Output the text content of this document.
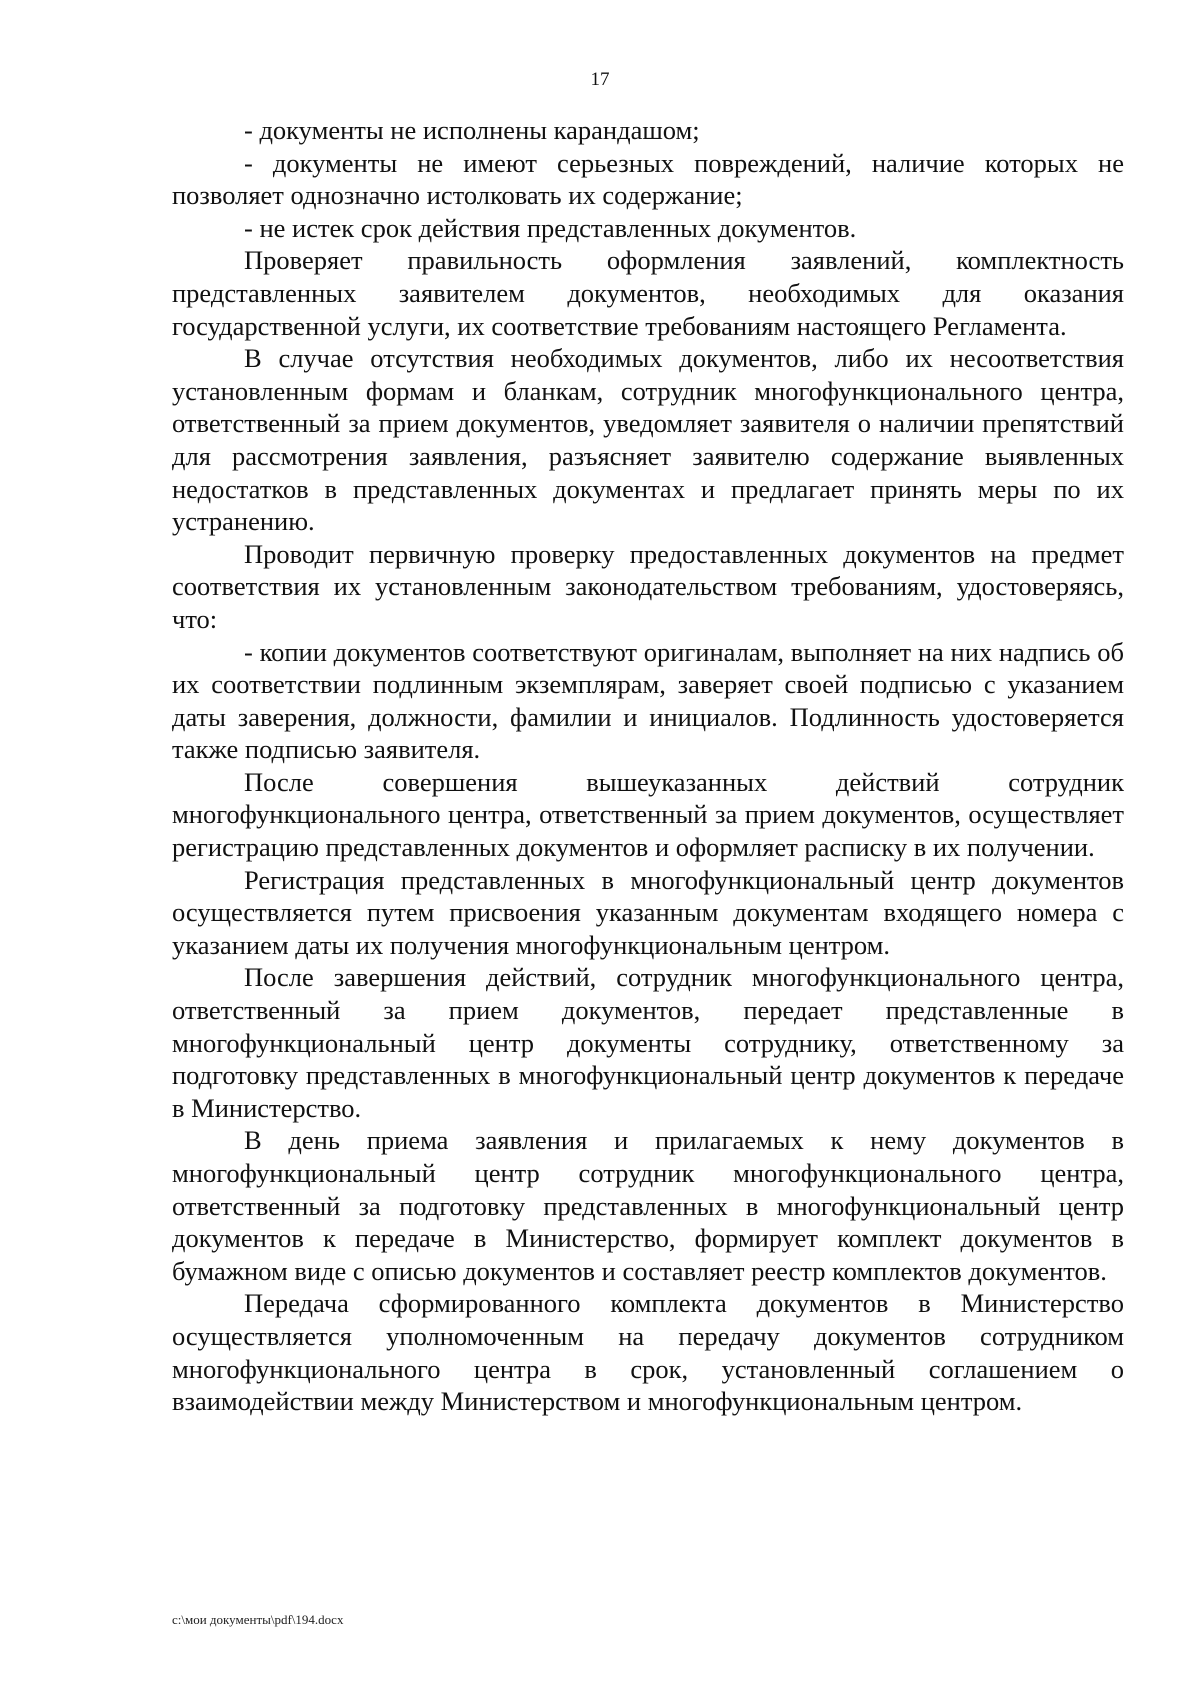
17

- документы не исполнены карандашом;

- документы не имеют серьезных повреждений, наличие которых не позволяет однозначно истолковать их содержание;

- не истек срок действия представленных документов.

Проверяет правильность оформления заявлений, комплектность представленных заявителем документов, необходимых для оказания государственной услуги, их соответствие требованиям настоящего Регламента.

В случае отсутствия необходимых документов, либо их несоответствия установленным формам и бланкам, сотрудник многофункционального центра, ответственный за прием документов, уведомляет заявителя о наличии препятствий для рассмотрения заявления, разъясняет заявителю содержание выявленных недостатков в представленных документах и предлагает принять меры по их устранению.

Проводит первичную проверку предоставленных документов на предмет соответствия их установленным законодательством требованиям, удостоверяясь, что:

- копии документов соответствуют оригиналам, выполняет на них надпись об их соответствии подлинным экземплярам, заверяет своей подписью с указанием даты заверения, должности, фамилии и инициалов. Подлинность удостоверяется также подписью заявителя.

После совершения вышеуказанных действий сотрудник многофункционального центра, ответственный за прием документов, осуществляет регистрацию представленных документов и оформляет расписку в их получении.

Регистрация представленных в многофункциональный центр документов осуществляется путем присвоения указанным документам входящего номера с указанием даты их получения многофункциональным центром.

После завершения действий, сотрудник многофункционального центра, ответственный за прием документов, передает представленные в многофункциональный центр документы сотруднику, ответственному за подготовку представленных в многофункциональный центр документов к передаче в Министерство.

В день приема заявления и прилагаемых к нему документов в многофункциональный центр сотрудник многофункционального центра, ответственный за подготовку представленных в многофункциональный центр документов к передаче в Министерство, формирует комплект документов в бумажном виде с описью документов и составляет реестр комплектов документов.

Передача сформированного комплекта документов в Министерство осуществляется уполномоченным на передачу документов сотрудником многофункционального центра в срок, установленный соглашением о взаимодействии между Министерством и многофункциональным центром.

c:\мои документы\pdf\194.docx
